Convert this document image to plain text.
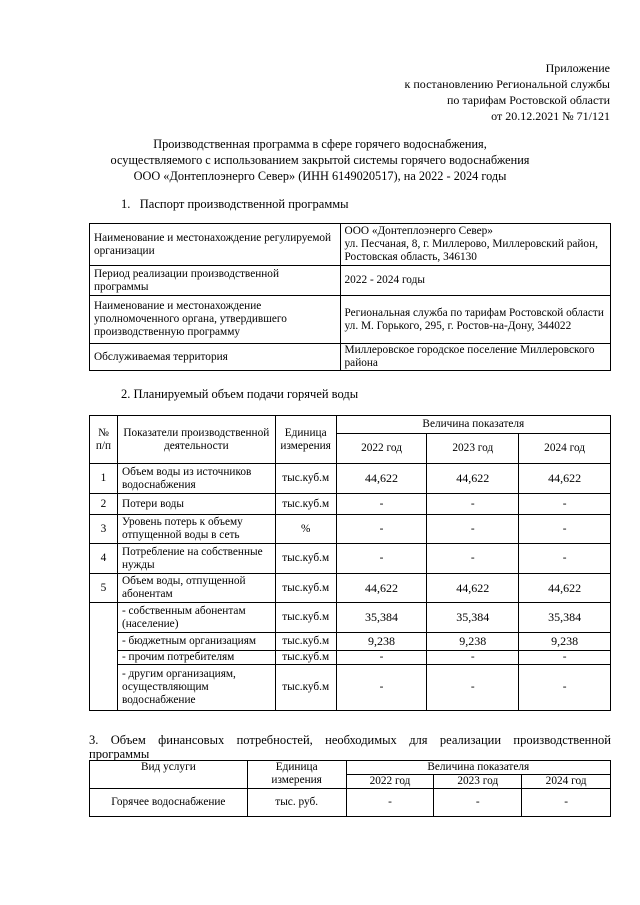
Приложение
к постановлению Региональной службы
по тарифам Ростовской области
от 20.12.2021 № 71/121
Производственная программа в сфере горячего водоснабжения,
осуществляемого с использованием закрытой системы горячего водоснабжения
ООО «Донтеплоэнерго Север» (ИНН 6149020517), на 2022 - 2024 годы
1. Паспорт производственной программы
Наименование и местонахождение регулируемой организации	ООО «Донтеплоэнерго Север»
ул. Песчаная, 8, г. Миллерово, Миллеровский район, Ростовская область, 346130

Период реализации производственной программы	2022 - 2024 годы
Наименование и местонахождение уполномоченного органа, утвердившего производственную программу	Региональная служба по тарифам Ростовской области
ул. М. Горького, 295, г. Ростов-на-Дону, 344022

Обслуживаемая территория	Миллеровское городское поселение Миллеровского района
2. Планируемый объем подачи горячей воды
№ п/п	Показатели производственной деятельности	Единица измерения	Величина показателя		
			2022 год	2023 год	2024 год
1	Объем воды из источников водоснабжения	тыс.куб.м	44,622	44,622	44,622
2	Потери воды	тыс.куб.м	-	-	-
3	Уровень потерь к объему отпущенной воды в сеть	%	-	-	-
4	Потребление на собственные нужды	тыс.куб.м	-	-	-
5	Объем воды, отпущенной абонентам	тыс.куб.м	44,622	44,622	44,622
	- собственным абонентам (население)	тыс.куб.м	35,384	35,384	35,384
	- бюджетным организациям	тыс.куб.м	9,238	9,238	9,238
	- прочим потребителям	тыс.куб.м	-	-	-
	- другим организациям, осуществляющим водоснабжение	тыс.куб.м	-	-	-
3. Объем финансовых потребностей, необходимых для реализации производственной
программы
Вид услуги	Единица измерения	Величина показателя		
		2022 год	2023 год	2024 год
Горячее водоснабжение	тыс. руб.	-	-	-
